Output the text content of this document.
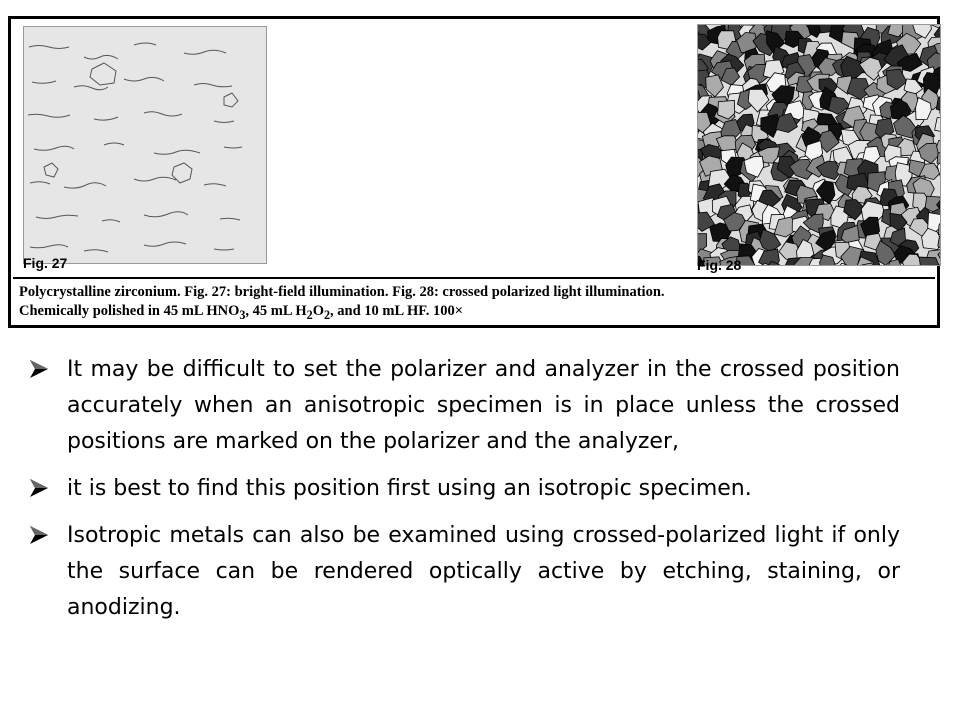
Fig. 27	Fig. 28
Polycrystalline zirconium. Fig. 27: bright-field illumination. Fig. 28: crossed polarized light illumination.
Chemically polished in 45 mL $HNO_3$, 45 mL $H_2O_2$, and 10 mL HF. 100×
It may be difficult to set the polarizer and analyzer in the crossed position accurately when an anisotropic specimen is in place unless the crossed positions are marked on the polarizer and the analyzer,
it is best to find this position first using an isotropic specimen.
Isotropic metals can also be examined using crossed-polarized light if only the surface can be rendered optically active by etching, staining, or anodizing.
